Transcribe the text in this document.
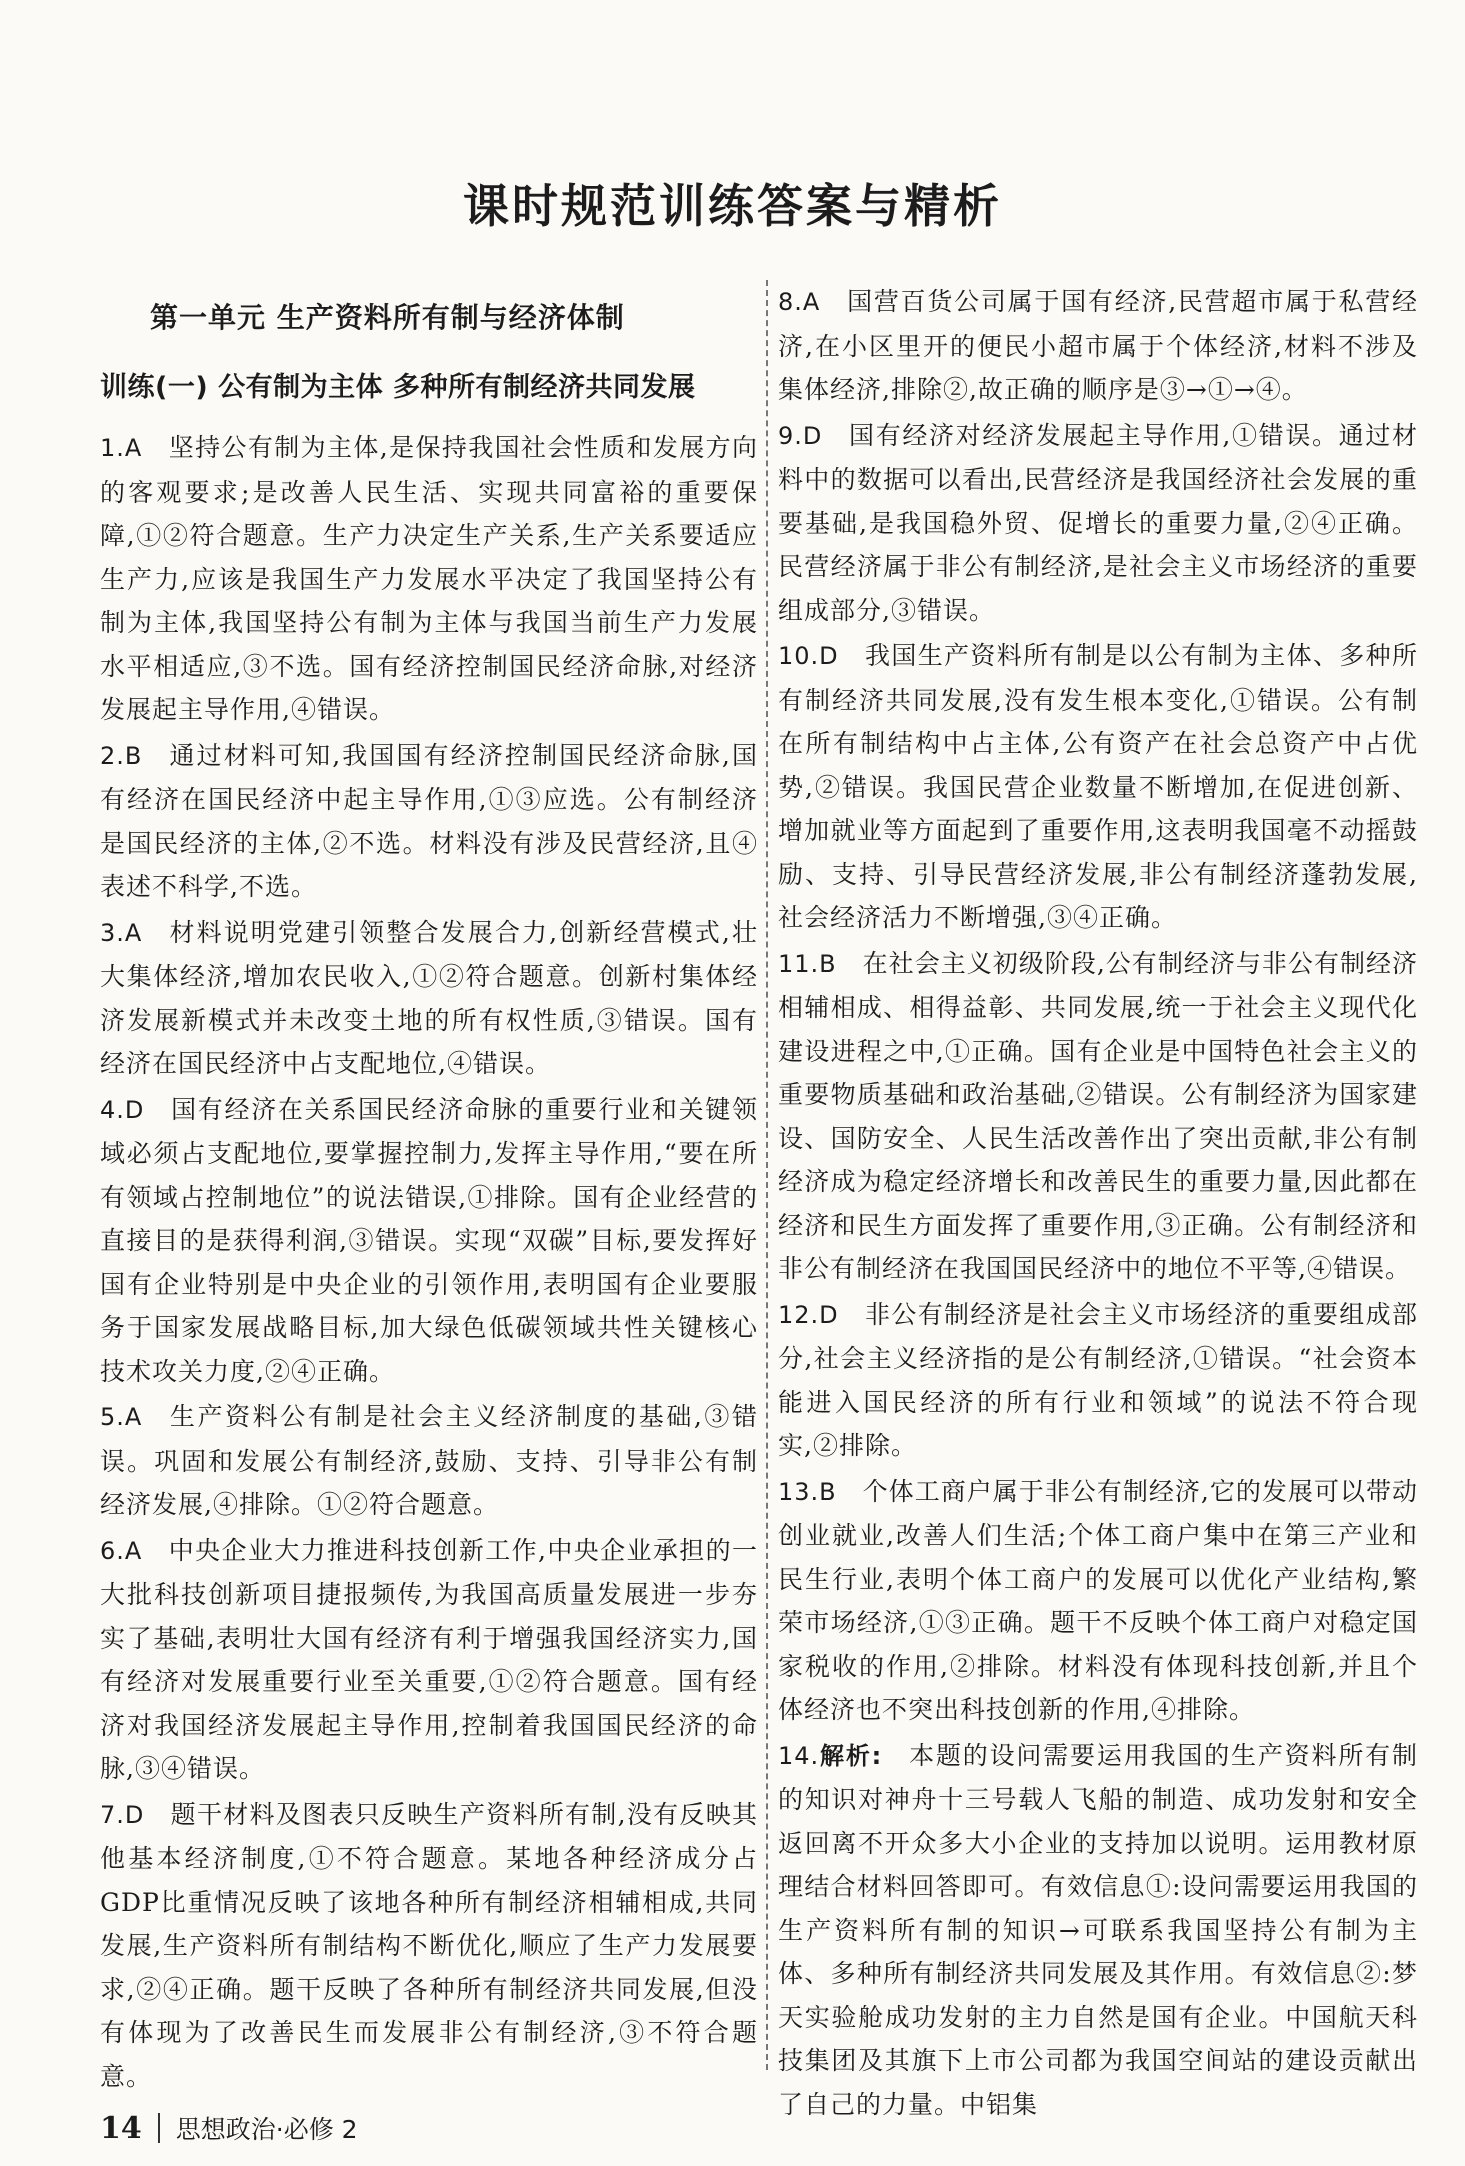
课时规范训练答案与精析
第一单元 生产资料所有制与经济体制
训练(一) 公有制为主体 多种所有制经济共同发展
1.A 坚持公有制为主体,是保持我国社会性质和发展方向的客观要求;是改善人民生活、实现共同富裕的重要保障,①②符合题意。生产力决定生产关系,生产关系要适应生产力,应该是我国生产力发展水平决定了我国坚持公有制为主体,我国坚持公有制为主体与我国当前生产力发展水平相适应,③不选。国有经济控制国民经济命脉,对经济发展起主导作用,④错误。
2.B 通过材料可知,我国国有经济控制国民经济命脉,国有经济在国民经济中起主导作用,①③应选。公有制经济是国民经济的主体,②不选。材料没有涉及民营经济,且④表述不科学,不选。
3.A 材料说明党建引领整合发展合力,创新经营模式,壮大集体经济,增加农民收入,①②符合题意。创新村集体经济发展新模式并未改变土地的所有权性质,③错误。国有经济在国民经济中占支配地位,④错误。
4.D 国有经济在关系国民经济命脉的重要行业和关键领域必须占支配地位,要掌握控制力,发挥主导作用,“要在所有领域占控制地位”的说法错误,①排除。国有企业经营的直接目的是获得利润,③错误。实现“双碳”目标,要发挥好国有企业特别是中央企业的引领作用,表明国有企业要服务于国家发展战略目标,加大绿色低碳领域共性关键核心技术攻关力度,②④正确。
5.A 生产资料公有制是社会主义经济制度的基础,③错误。巩固和发展公有制经济,鼓励、支持、引导非公有制经济发展,④排除。①②符合题意。
6.A 中央企业大力推进科技创新工作,中央企业承担的一大批科技创新项目捷报频传,为我国高质量发展进一步夯实了基础,表明壮大国有经济有利于增强我国经济实力,国有经济对发展重要行业至关重要,①②符合题意。国有经济对我国经济发展起主导作用,控制着我国国民经济的命脉,③④错误。
7.D 题干材料及图表只反映生产资料所有制,没有反映其他基本经济制度,①不符合题意。某地各种经济成分占GDP比重情况反映了该地各种所有制经济相辅相成,共同发展,生产资料所有制结构不断优化,顺应了生产力发展要求,②④正确。题干反映了各种所有制经济共同发展,但没有体现为了改善民生而发展非公有制经济,③不符合题意。
8.A 国营百货公司属于国有经济,民营超市属于私营经济,在小区里开的便民小超市属于个体经济,材料不涉及集体经济,排除②,故正确的顺序是③→①→④。
9.D 国有经济对经济发展起主导作用,①错误。通过材料中的数据可以看出,民营经济是我国经济社会发展的重要基础,是我国稳外贸、促增长的重要力量,②④正确。民营经济属于非公有制经济,是社会主义市场经济的重要组成部分,③错误。
10.D 我国生产资料所有制是以公有制为主体、多种所有制经济共同发展,没有发生根本变化,①错误。公有制在所有制结构中占主体,公有资产在社会总资产中占优势,②错误。我国民营企业数量不断增加,在促进创新、增加就业等方面起到了重要作用,这表明我国毫不动摇鼓励、支持、引导民营经济发展,非公有制经济蓬勃发展,社会经济活力不断增强,③④正确。
11.B 在社会主义初级阶段,公有制经济与非公有制经济相辅相成、相得益彰、共同发展,统一于社会主义现代化建设进程之中,①正确。国有企业是中国特色社会主义的重要物质基础和政治基础,②错误。公有制经济为国家建设、国防安全、人民生活改善作出了突出贡献,非公有制经济成为稳定经济增长和改善民生的重要力量,因此都在经济和民生方面发挥了重要作用,③正确。公有制经济和非公有制经济在我国国民经济中的地位不平等,④错误。
12.D 非公有制经济是社会主义市场经济的重要组成部分,社会主义经济指的是公有制经济,①错误。“社会资本能进入国民经济的所有行业和领域”的说法不符合现实,②排除。
13.B 个体工商户属于非公有制经济,它的发展可以带动创业就业,改善人们生活;个体工商户集中在第三产业和民生行业,表明个体工商户的发展可以优化产业结构,繁荣市场经济,①③正确。题干不反映个体工商户对稳定国家税收的作用,②排除。材料没有体现科技创新,并且个体经济也不突出科技创新的作用,④排除。
14.解析: 本题的设问需要运用我国的生产资料所有制的知识对神舟十三号载人飞船的制造、成功发射和安全返回离不开众多大小企业的支持加以说明。运用教材原理结合材料回答即可。有效信息①:设问需要运用我国的生产资料所有制的知识→可联系我国坚持公有制为主体、多种所有制经济共同发展及其作用。有效信息②:梦天实验舱成功发射的主力自然是国有企业。中国航天科技集团及其旗下上市公司都为我国空间站的建设贡献出了自己的力量。中铝集
14 思想政治·必修 2
